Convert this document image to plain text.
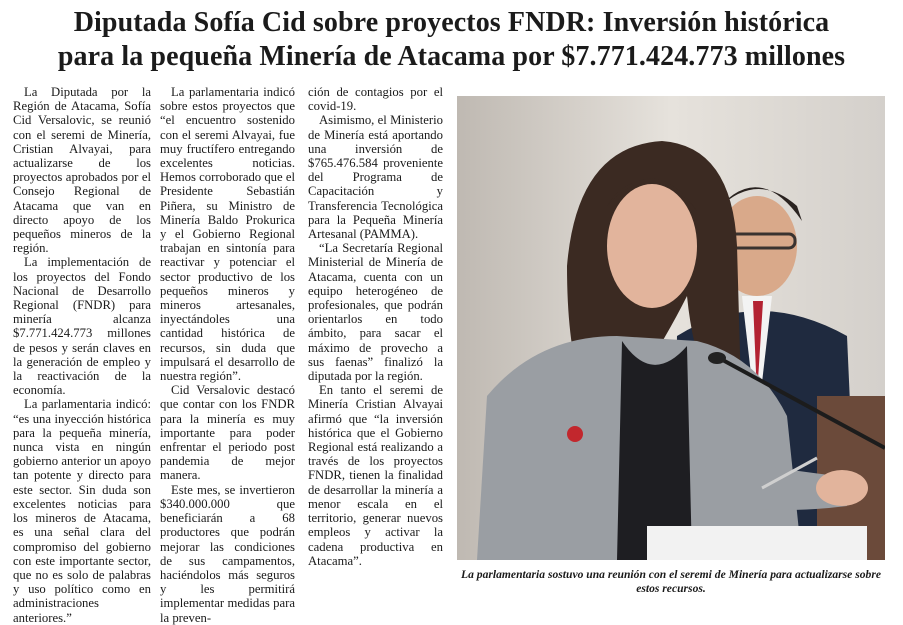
Diputada Sofía Cid sobre proyectos FNDR: Inversión histórica
para la pequeña Minería de Atacama por $7.771.424.773 millones

La Diputada por la Región de Atacama, Sofía Cid Versalovic, se reunió con el seremi de Minería, Cristian Alvayai, para actualizarse de los proyectos aprobados por el Consejo Regional de Atacama que van en directo apoyo de los pequeños mineros de la región.

La implementación de los proyectos del Fondo Nacional de Desarrollo Regional (FNDR) para minería alcanza $7.771.424.773 millones de pesos y serán claves en la generación de empleo y la reactivación de la economía.

La parlamentaria indicó: “es una inyección histórica para la pequeña minería, nunca vista en ningún gobierno anterior un apoyo tan potente y directo para este sector. Sin duda son excelentes noticias para los mineros de Atacama, es una señal clara del compromiso del gobierno con este importante sector, que no es solo de palabras y uso político como en administraciones anteriores.”

La parlamentaria indicó sobre estos proyectos que “el encuentro sostenido con el seremi Alvayai, fue muy fructífero entregando excelentes noticias. Hemos corroborado que el Presidente Sebastián Piñera, su Ministro de Minería Baldo Prokurica y el Gobierno Regional trabajan en sintonía para reactivar y potenciar el sector productivo de los pequeños mineros y mineros artesanales, inyectándoles una cantidad histórica de recursos, sin duda que impulsará el desarrollo de nuestra región”.

Cid Versalovic destacó que contar con los FNDR para la minería es muy importante para poder enfrentar el periodo post pandemia de mejor manera.

Este mes, se invertieron $340.000.000 que beneficiarán a 68 productores que podrán mejorar las condiciones de sus campamentos, haciéndolos más seguros y les permitirá implementar medidas para la preven-

ción de contagios por el covid-19.

Asimismo, el Ministerio de Minería está aportando una inversión de $765.476.584 proveniente del Programa de Capacitación y Transferencia Tecnológica para la Pequeña Minería Artesanal (PAMMA).

“La Secretaría Regional Ministerial de Minería de Atacama, cuenta con un equipo heterogéneo de profesionales, que podrán orientarlos en todo ámbito, para sacar el máximo de provecho a sus faenas” finalizó la diputada por la región.

En tanto el seremi de Minería Cristian Alvayai afirmó que “la inversión histórica que el Gobierno Regional está realizando a través de los proyectos FNDR, tienen la finalidad de desarrollar la minería a menor escala en el territorio, generar nuevos empleos y activar la cadena productiva en Atacama”.

La parlamentaria sostuvo una reunión con el seremi de Minería para actualizarse sobre estos recursos.
